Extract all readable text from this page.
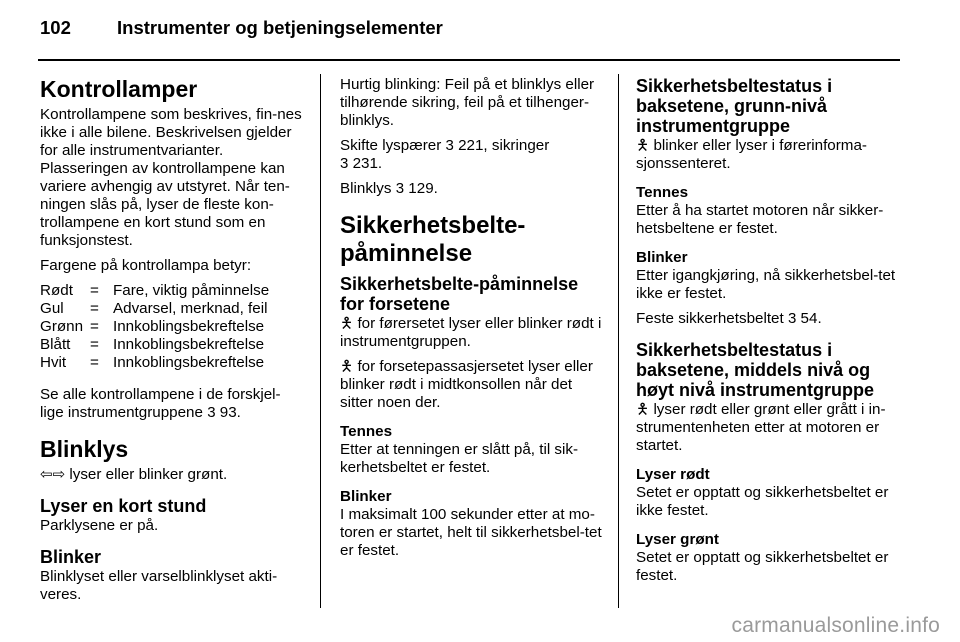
102 Instrumenter og betjeningselementer
Kontrollamper

Kontrollampene som beskrives, fin-nes ikke i alle bilene. Beskrivelsen gjelder for alle instrumentvarianter. Plasseringen av kontrollampene kan variere avhengig av utstyret. Når ten-ningen slås på, lyser de fleste kon-trollampene en kort stund som en funksjonstest.

Fargene på kontrollampa betyr:

Rødt	=	Fare, viktig påminnelse
Gul	=	Advarsel, merknad, feil
Grønn	=	Innkoblingsbekreftelse
Blått	=	Innkoblingsbekreftelse
Hvit	=	Innkoblingsbekreftelse

Se alle kontrollampene i de forskjel-lige instrumentgruppene 3 93.

Blinklys

⇦⇨ lyser eller blinker grønt.

Lyser en kort stund

Parklysene er på.

Blinker

Blinklyset eller varselblinklyset akti-veres.

Hurtig blinking: Feil på et blinklys eller tilhørende sikring, feil på et tilhenger-blinklys.

Skifte lyspærer 3 221, sikringer
3 231.

Blinklys 3 129.

Sikkerhetsbelte-påminnelse
Sikkerhetsbelte-påminnelse for forsetene

🯅 for førersetet lyser eller blinker rødt i instrumentgruppen.

🯅 for forsetepassasjersetet lyser eller blinker rødt i midtkonsollen når det sitter noen der.

Tennes

Etter at tenningen er slått på, til sik-kerhetsbeltet er festet.

Blinker

I maksimalt 100 sekunder etter at mo-toren er startet, helt til sikkerhetsbel-tet er festet.

Sikkerhetsbeltestatus i baksetene, grunn-nivå instrumentgruppe

🯅 blinker eller lyser i førerinforma-sjonssenteret.

Tennes

Etter å ha startet motoren når sikker-hetsbeltene er festet.

Blinker

Etter igangkjøring, nå sikkerhetsbel-tet ikke er festet.

Feste sikkerhetsbeltet 3 54.

Sikkerhetsbeltestatus i baksetene, middels nivå og høyt nivå instrumentgruppe

🯅 lyser rødt eller grønt eller grått i in-strumentenheten etter at motoren er startet.

Lyser rødt

Setet er opptatt og sikkerhetsbeltet er ikke festet.

Lyser grønt

Setet er opptatt og sikkerhetsbeltet er festet.

carmanualsonline.info
